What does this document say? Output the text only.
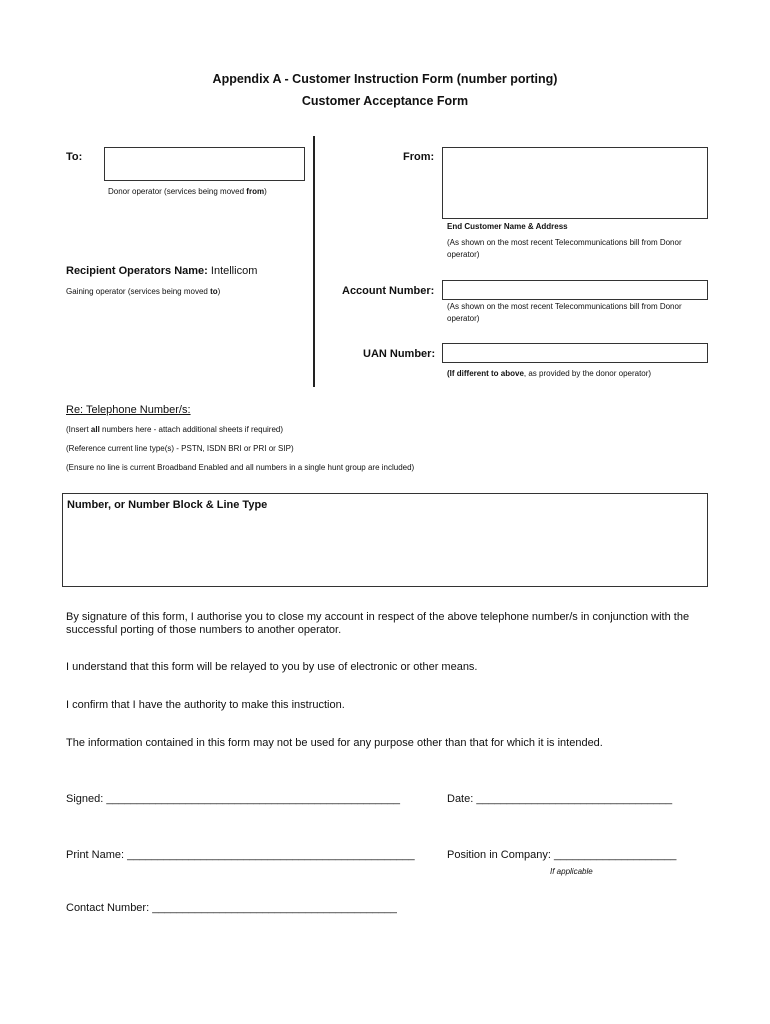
Appendix A - Customer Instruction Form (number porting)
Customer Acceptance Form
To:
Donor operator (services being moved from)
From:
End Customer Name & Address
(As shown on the most recent Telecommunications bill from Donor operator)
Recipient Operators Name: Intellicom
Gaining operator (services being moved to)	Account Number:
(As shown on the most recent Telecommunications bill from Donor operator)
UAN Number:
(If different to above, as provided by the donor operator)
Re: Telephone Number/s:
(Insert all numbers here - attach additional sheets if required)
(Reference current line type(s) - PSTN, ISDN BRI or PRI or SIP)
(Ensure no line is current Broadband Enabled and all numbers in a single hunt group are included)
Number, or Number Block & Line Type
By signature of this form, I authorise you to close my account in respect of the above telephone number/s in conjunction with the successful porting of those numbers to another operator.
I understand that this form will be relayed to you by use of electronic or other means.
I confirm that I have the authority to make this instruction.
The information contained in this form may not be used for any purpose other than that for which it is intended.
Signed: ________________________________________________	Date: ________________________________
Print Name: _______________________________________________	Position in Company: ____________________
If applicable
Contact Number: ________________________________________
